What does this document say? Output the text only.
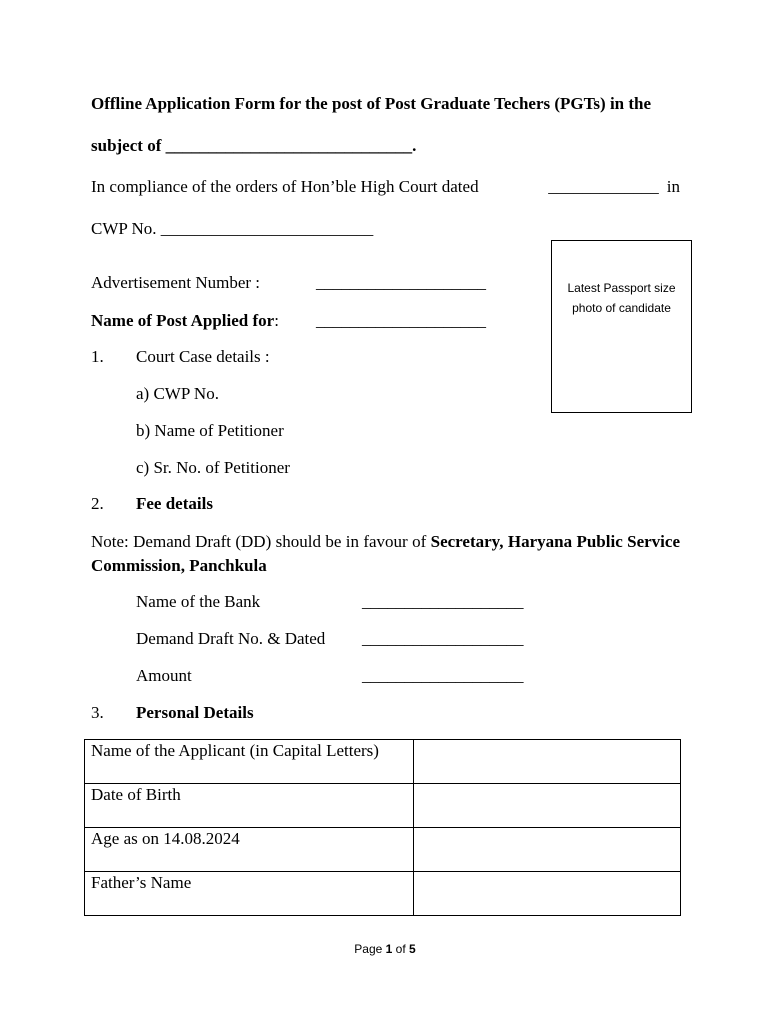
Offline Application Form for the post of Post Graduate Techers (PGTs) in the
subject of _____________________________.
In compliance of the orders of Hon’ble High Court dated	_____________ in
CWP No. _________________________
Latest Passport size
photo of candidate
Advertisement Number :	____________________
Name of Post Applied for: ____________________
1. Court Case details :
a) CWP No.
b) Name of Petitioner
c) Sr. No. of Petitioner
2. Fee details
Note: Demand Draft (DD) should be in favour of Secretary, Haryana Public Service Commission, Panchkula
Name of the Bank	___________________
Demand Draft No. & Dated ___________________
Amount	___________________
3. Personal Details
Name of the Applicant (in Capital Letters)	
Date of Birth	
Age as on 14.08.2024	
Father’s Name	
Page 1 of 5
